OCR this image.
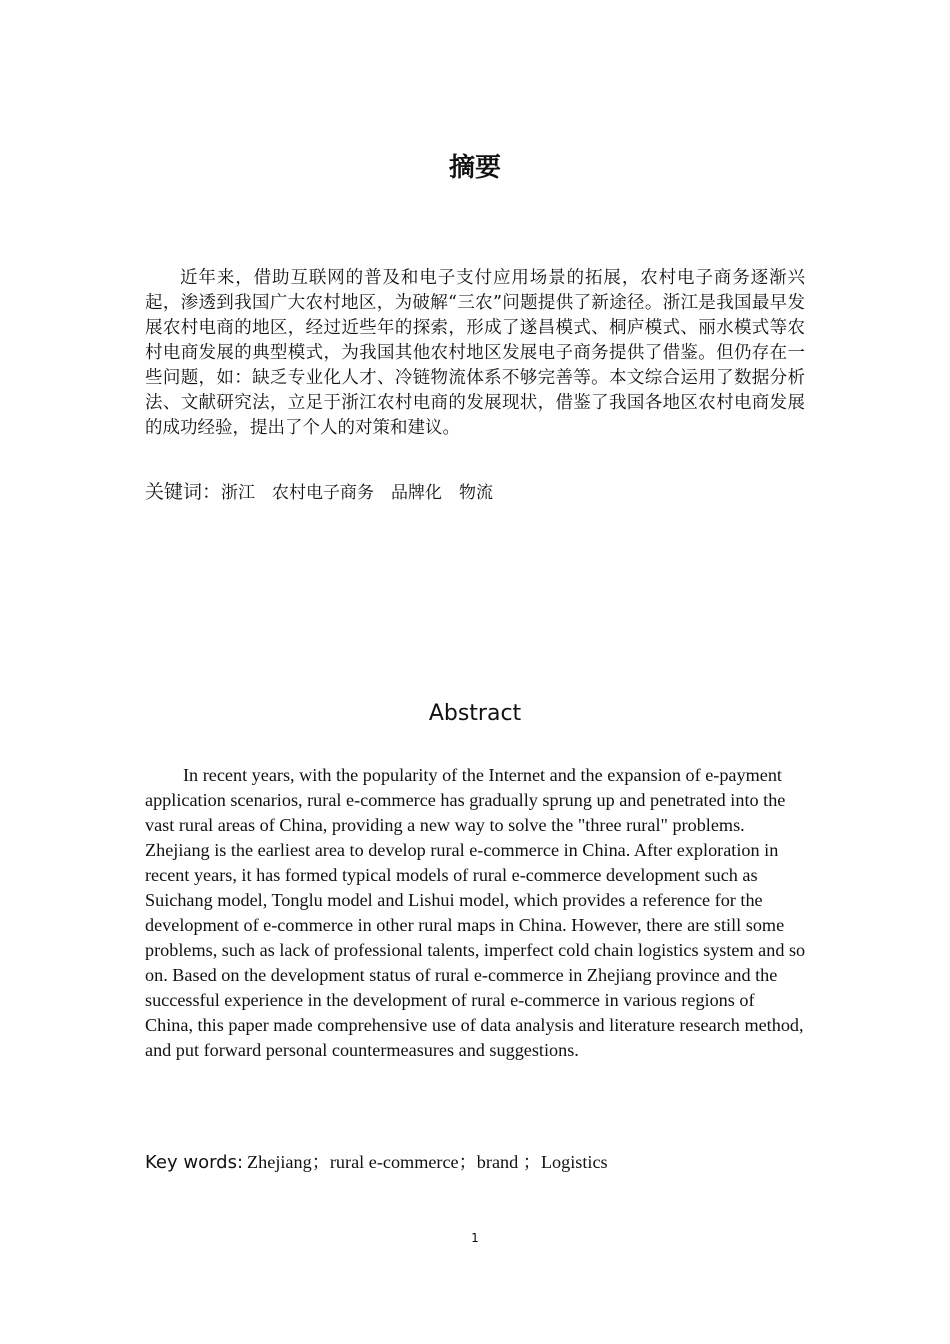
摘要

近年来，借助互联网的普及和电子支付应用场景的拓展，农村电子商务逐渐兴起，渗透到我国广大农村地区，为破解“三农”问题提供了新途径。浙江是我国最早发展农村电商的地区，经过近些年的探索，形成了遂昌模式、桐庐模式、丽水模式等农村电商发展的典型模式，为我国其他农村地区发展电子商务提供了借鉴。但仍存在一些问题，如：缺乏专业化人才、冷链物流体系不够完善等。本文综合运用了数据分析法、文献研究法，立足于浙江农村电商的发展现状，借鉴了我国各地区农村电商发展的成功经验，提出了个人的对策和建议。

关键词：浙江　农村电子商务　品牌化　物流
Abstract

In recent years, with the popularity of the Internet and the expansion of e-payment application scenarios, rural e-commerce has gradually sprung up and penetrated into the vast rural areas of China, providing a new way to solve the "three rural" problems. Zhejiang is the earliest area to develop rural e-commerce in China. After exploration in recent years, it has formed typical models of rural e-commerce development such as Suichang model, Tonglu model and Lishui model, which provides a reference for the development of e-commerce in other rural maps in China. However, there are still some problems, such as lack of professional talents, imperfect cold chain logistics system and so on. Based on the development status of rural e-commerce in Zhejiang province and the successful experience in the development of rural e-commerce in various regions of China, this paper made comprehensive use of data analysis and literature research method, and put forward personal countermeasures and suggestions.

Key words: Zhejiang；rural e-commerce；brand ；Logistics
1
